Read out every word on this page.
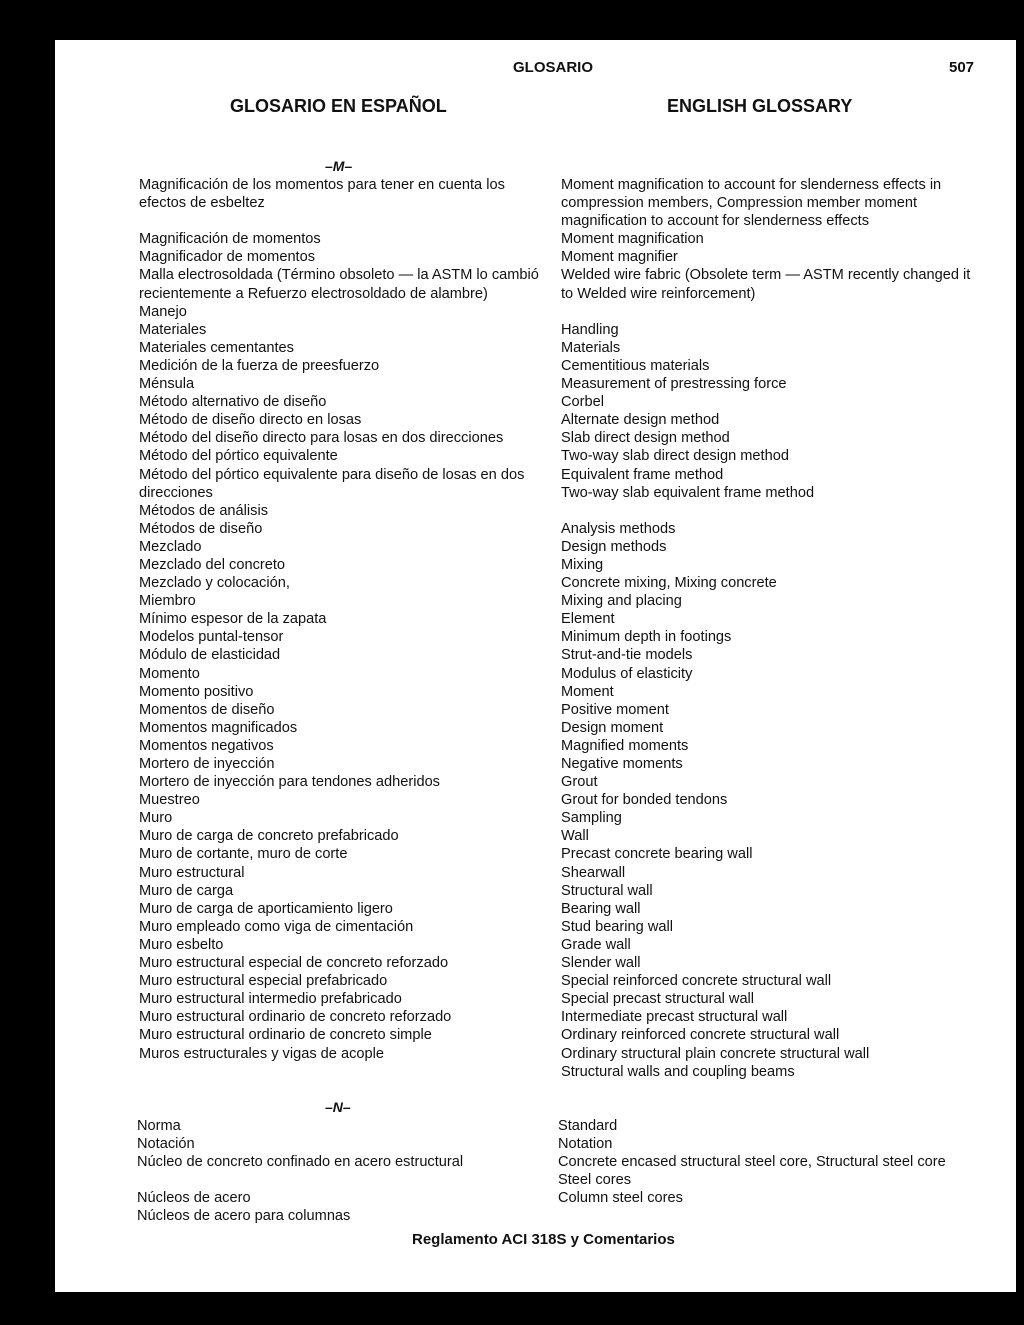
GLOSARIO	507
GLOSARIO EN ESPAÑOL	ENGLISH GLOSSARY
–M–
Magnificación de los momentos para tener en cuenta los efectos de esbeltez
Magnificación de momentos
Magnificador de momentos
Malla electrosoldada (Término obsoleto — la ASTM lo cambió recientemente a Refuerzo electrosoldado de alambre)
Manejo
Materiales
Materiales cementantes
Medición de la fuerza de preesfuerzo
Ménsula
Método alternativo de diseño
Método de diseño directo en losas
Método del diseño directo para losas en dos direcciones
Método del pórtico equivalente
Método del pórtico equivalente para diseño de losas en dos direcciones
Métodos de análisis
Métodos de diseño
Mezclado
Mezclado del concreto
Mezclado y colocación,
Miembro
Mínimo espesor de la zapata
Modelos puntal-tensor
Módulo de elasticidad
Momento
Momento positivo
Momentos de diseño
Momentos magnificados
Momentos negativos
Mortero de inyección
Mortero de inyección para tendones adheridos
Muestreo
Muro
Muro de carga de concreto prefabricado
Muro de cortante, muro de corte
Muro estructural
Muro de carga
Muro de carga de aporticamiento ligero
Muro empleado como viga de cimentación
Muro esbelto
Muro estructural especial de concreto reforzado
Muro estructural especial prefabricado
Muro estructural intermedio prefabricado
Muro estructural ordinario de concreto reforzado
Muro estructural ordinario de concreto simple
Muros estructurales y vigas de acople
Moment magnification to account for slenderness effects in compression members, Compression member moment magnification to account for slenderness effects
Moment magnification
Moment magnifier
Welded wire fabric (Obsolete term — ASTM recently changed it to Welded wire reinforcement)
Handling
Materials
Cementitious materials
Measurement of prestressing force
Corbel
Alternate design method
Slab direct design method
Two-way slab direct design method
Equivalent frame method
Two-way slab equivalent frame method
Analysis methods
Design methods
Mixing
Concrete mixing, Mixing concrete
Mixing and placing
Element
Minimum depth in footings
Strut-and-tie models
Modulus of elasticity
Moment
Positive moment
Design moment
Magnified moments
Negative moments
Grout
Grout for bonded tendons
Sampling
Wall
Precast concrete bearing wall
Shearwall
Structural wall
Bearing wall
Stud bearing wall
Grade wall
Slender wall
Special reinforced concrete structural wall
Special precast structural wall
Intermediate precast structural wall
Ordinary reinforced concrete structural wall
Ordinary structural plain concrete structural wall
Structural walls and coupling beams
–N–
Norma
Notación
Núcleo de concreto confinado en acero estructural
Núcleos de acero
Núcleos de acero para columnas
Standard
Notation
Concrete encased structural steel core, Structural steel core
Steel cores
Column steel cores
Reglamento ACI 318S y Comentarios
